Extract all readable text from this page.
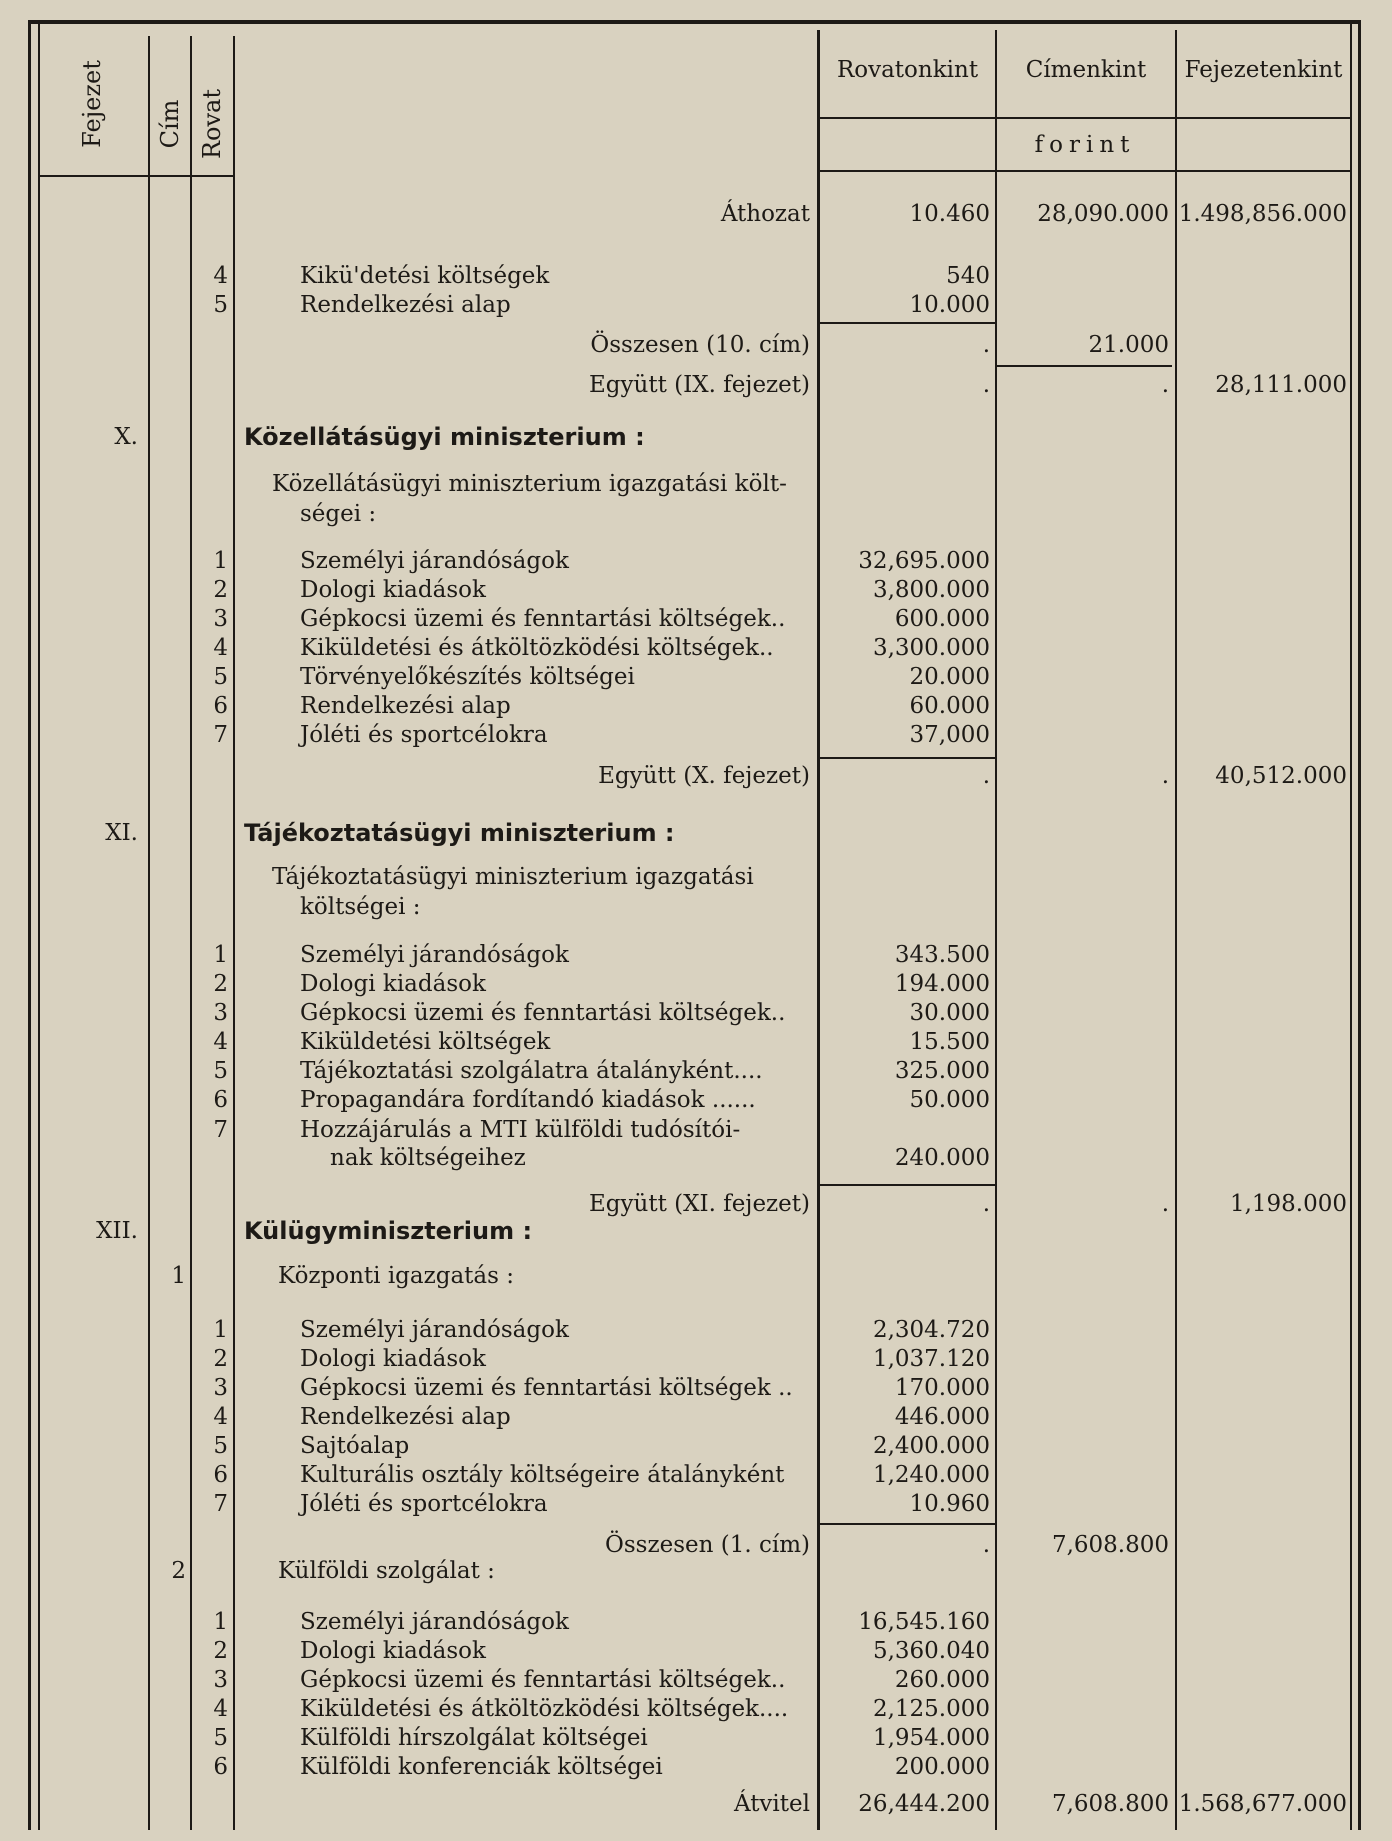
Fejezet Cím Rovat
Rovatonkint	Címenkint	Fejezetenkint
forint
Áthozat	10.460	28,090.000 1.498,856.000
4	Kikü'detési költségek	540
5	Rendelkezési alap	10.000
Összesen (10. cím)	.	21.000
Együtt (IX. fejezet)	.	.	28,111.000
X.	Közellátásügyi miniszterium :
Közellátásügyi miniszterium igazgatási költ-
ségei :
1	Személyi járandóságok	32,695.000
2	Dologi kiadások	3,800.000
3	Gépkocsi üzemi és fenntartási költségek..	600.000
4	Kiküldetési és átköltözködési költségek..	3,300.000
5	Törvényelőkészítés költségei	20.000
6	Rendelkezési alap	60.000
7	Jóléti és sportcélokra	37,000
Együtt (X. fejezet)	.	.	40,512.000
XI.	Tájékoztatásügyi miniszterium :
Tájékoztatásügyi miniszterium igazgatási
költségei :
1	Személyi járandóságok	343.500
2	Dologi kiadások	194.000
3	Gépkocsi üzemi és fenntartási költségek..	30.000
4	Kiküldetési költségek	15.500
5	Tájékoztatási szolgálatra átalányként....	325.000
6	Propagandára fordítandó kiadások ......	50.000
7	Hozzájárulás a MTI külföldi tudósítói-
nak költségeihez	240.000
Együtt (XI. fejezet)	.	.	1,198.000
XII.	Külügyminiszterium :
1	Központi igazgatás :
1	Személyi járandóságok	2,304.720
2	Dologi kiadások	1,037.120
3	Gépkocsi üzemi és fenntartási költségek ..	170.000
4	Rendelkezési alap	446.000
5	Sajtóalap	2,400.000
6	Kulturális osztály költségeire átalányként	1,240.000
7	Jóléti és sportcélokra	10.960
Összesen (1. cím)	.	7,608.800
2	Külföldi szolgálat :
1	Személyi járandóságok	16,545.160
2	Dologi kiadások	5,360.040
3	Gépkocsi üzemi és fenntartási költségek..	260.000
4	Kiküldetési és átköltözködési költségek....	2,125.000
5	Külföldi hírszolgálat költségei	1,954.000
6	Külföldi konferenciák költségei	200.000
Átvitel	26,444.200	7,608.800 1.568,677.000
